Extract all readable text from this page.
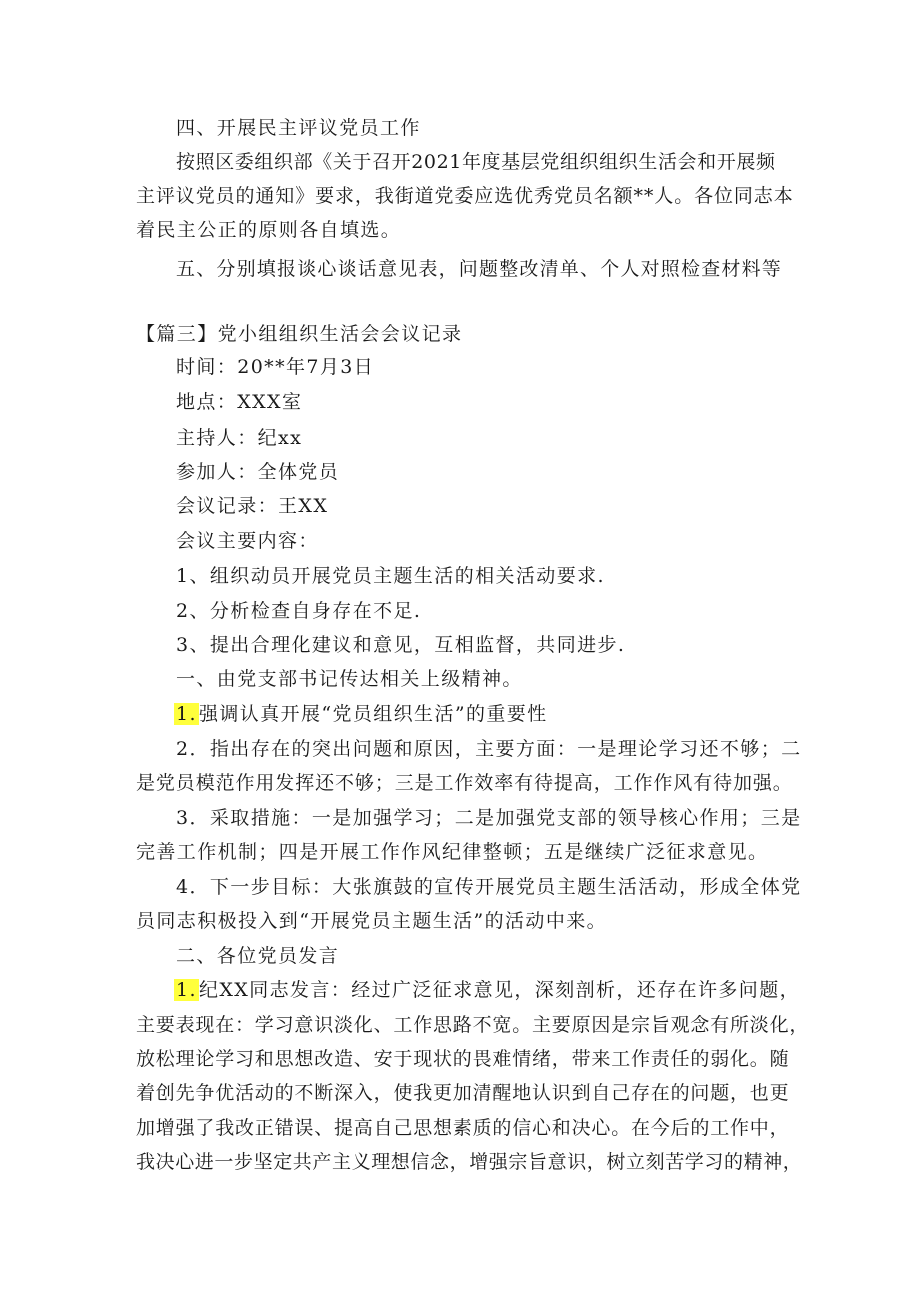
四、开展民主评议党员工作
按照区委组织部《关于召开2021年度基层党组织组织生活会和开展频
主评议党员的通知》要求，我街道党委应选优秀党员名额**人。各位同志本
着民主公正的原则各自填选。
五、分别填报谈心谈话意见表，问题整改清单、个人对照检查材料等
【篇三】党小组组织生活会会议记录
时间：20**年7月3日
地点：XXX室
主持人：纪xx
参加人：全体党员
会议记录：王XX
会议主要内容：
1、组织动员开展党员主题生活的相关活动要求.
2、分析检查自身存在不足.
3、提出合理化建议和意见，互相监督，共同进步.
一、由党支部书记传达相关上级精神。
1. 强调认真开展“党员组织生活”的重要性
2．指出存在的突出问题和原因，主要方面：一是理论学习还不够；二
是党员模范作用发挥还不够；三是工作效率有待提高，工作作风有待加强。
3．采取措施：一是加强学习；二是加强党支部的领导核心作用；三是
完善工作机制；四是开展工作作风纪律整顿；五是继续广泛征求意见。
4．下一步目标：大张旗鼓的宣传开展党员主题生活活动，形成全体党
员同志积极投入到“开展党员主题生活”的活动中来。
二、各位党员发言
1. 纪XX同志发言：经过广泛征求意见，深刻剖析，还存在许多问题，
主要表现在：学习意识淡化、工作思路不宽。主要原因是宗旨观念有所淡化，
放松理论学习和思想改造、安于现状的畏难情绪，带来工作责任的弱化。随
着创先争优活动的不断深入，使我更加清醒地认识到自己存在的问题，也更
加增强了我改正错误、提高自己思想素质的信心和决心。在今后的工作中，
我决心进一步坚定共产主义理想信念，增强宗旨意识，树立刻苦学习的精神，
